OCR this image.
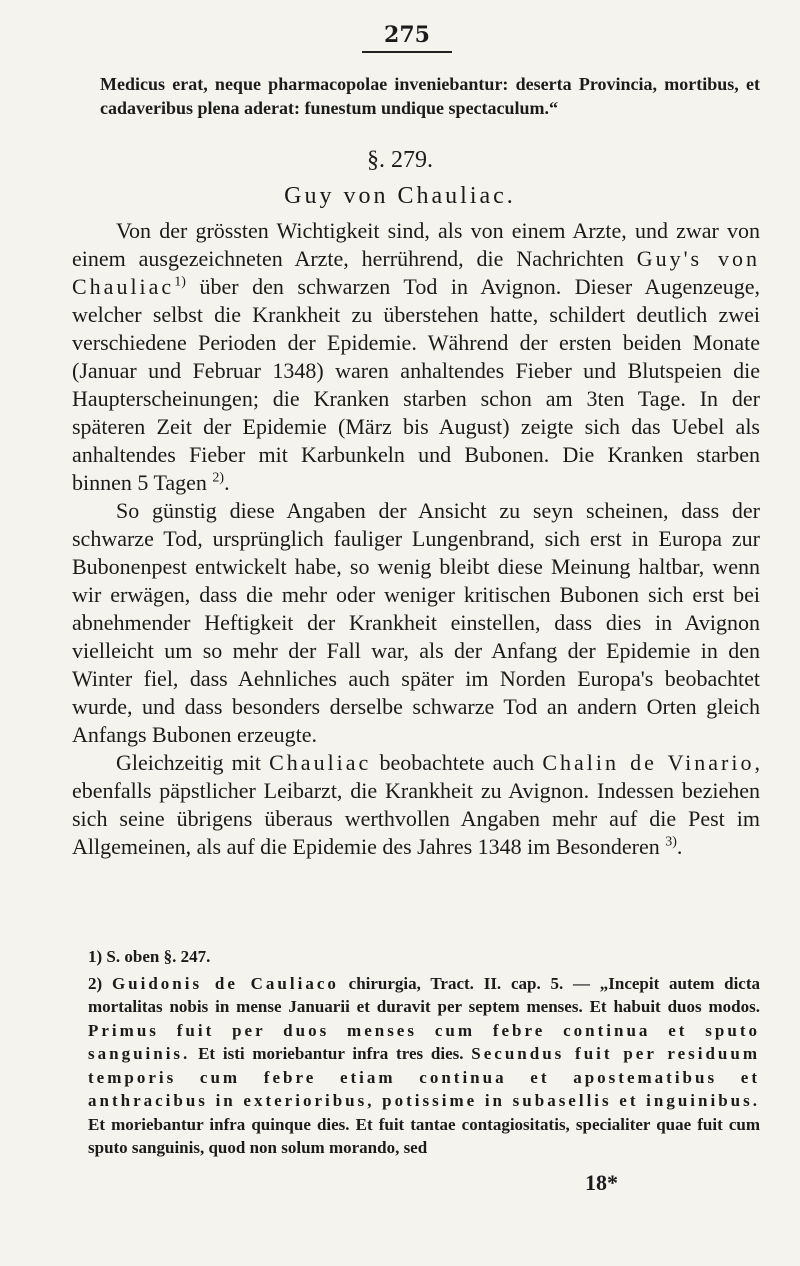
275
Medicus erat, neque pharmacopolae inveniebantur: deserta Provincia, mortibus, et cadaveribus plena aderat: funestum undique spectaculum.“
§. 279.
Guy von Chauliac.

Von der grössten Wichtigkeit sind, als von einem Arzte, und zwar von einem ausgezeichneten Arzte, herrührend, die Nachrichten Guy's von Chauliac$^{1)}$ über den schwarzen Tod in Avignon. Dieser Augenzeuge, welcher selbst die Krankheit zu überstehen hatte, schildert deutlich zwei verschiedene Perioden der Epidemie. Während der ersten beiden Monate (Januar und Februar 1348) waren anhaltendes Fieber und Blutspeien die Haupterscheinungen; die Kranken starben schon am 3ten Tage. In der späteren Zeit der Epidemie (März bis August) zeigte sich das Uebel als anhaltendes Fieber mit Karbunkeln und Bubonen. Die Kranken starben binnen 5 Tagen $^{2)}$.

So günstig diese Angaben der Ansicht zu seyn scheinen, dass der schwarze Tod, ursprünglich fauliger Lungenbrand, sich erst in Europa zur Bubonenpest entwickelt habe, so wenig bleibt diese Meinung haltbar, wenn wir erwägen, dass die mehr oder weniger kritischen Bubonen sich erst bei abnehmender Heftigkeit der Krankheit einstellen, dass dies in Avignon vielleicht um so mehr der Fall war, als der Anfang der Epidemie in den Winter fiel, dass Aehnliches auch später im Norden Europa's beobachtet wurde, und dass besonders derselbe schwarze Tod an andern Orten gleich Anfangs Bubonen erzeugte.

Gleichzeitig mit Chauliac beobachtete auch Chalin de Vinario, ebenfalls päpstlicher Leibarzt, die Krankheit zu Avignon. Indessen beziehen sich seine übrigens überaus werthvollen Angaben mehr auf die Pest im Allgemeinen, als auf die Epidemie des Jahres 1348 im Besonderen $^{3)}$.

1) S. oben §. 247.

2) Guidonis de Cauliaco chirurgia, Tract. II. cap. 5. — „Incepit autem dicta mortalitas nobis in mense Januarii et duravit per septem menses. Et habuit duos modos. Primus fuit per duos menses cum febre continua et sputo sanguinis. Et isti moriebantur infra tres dies. Secundus fuit per residuum temporis cum febre etiam continua et apostematibus et anthracibus in exterioribus, potissime in subasellis et inguinibus. Et moriebantur infra quinque dies. Et fuit tantae contagiositatis, specialiter quae fuit cum sputo sanguinis, quod non solum morando, sed

18*
